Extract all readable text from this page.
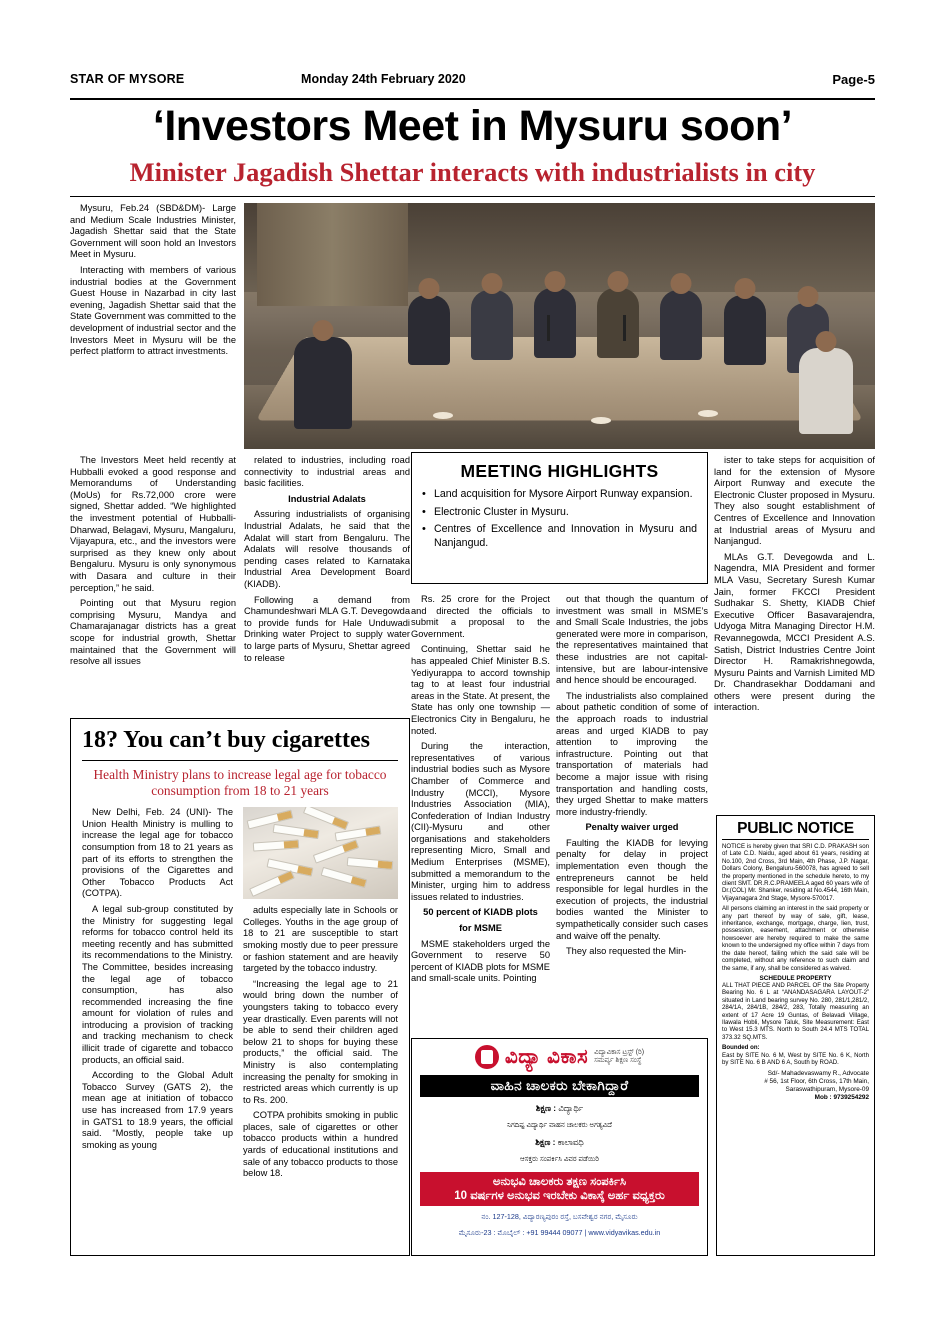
STAR OF MYSORE	Monday 24th February 2020	Page-5
‘Investors Meet in Mysuru soon’
Minister Jagadish Shettar interacts with industrialists in city

Mysuru, Feb.24 (SBD&DM)- Large and Medium Scale Industries Minister, Jagadish Shettar said that the State Government will soon hold an Investors Meet in Mysuru.

Interacting with members of various industrial bodies at the Government Guest House in Nazarbad in city last evening, Jagadish Shettar said that the State Government was committed to the development of industrial sector and the Investors Meet in Mysuru will be the perfect platform to attract investments.

The Investors Meet held recently at Hubballi evoked a good response and Memorandums of Understanding (MoUs) for Rs.72,000 crore were signed, Shettar added. “We highlighted the investment potential of Hubballi-Dharwad, Belagavi, Mysuru, Mangaluru, Vijayapura, etc., and the investors were surprised as they knew only about Bengaluru. Mysuru is only synonymous with Dasara and culture in their perception,” he said.

Pointing out that Mysuru region comprising Mysuru, Mandya and Chamarajanagar districts has a great scope for industrial growth, Shettar maintained that the Government will resolve all issues

related to industries, including road connectivity to industrial areas and basic facilities.

Industrial Adalats

Assuring industrialists of organising Industrial Adalats, he said that the Adalat will start from Bengaluru. The Adalats will resolve thousands of pending cases related to Karnataka Industrial Area Development Board (KIADB).

Following a demand from Chamundeshwari MLA G.T. Devegowda to provide funds for Hale Unduwadi Drinking water Project to supply water to large parts of Mysuru, Shettar agreed to release

MEETING HIGHLIGHTS
• Land acquisition for Mysore Airport Runway expansion.
• Electronic Cluster in Mysuru.
• Centres of Excellence and Innovation in Mysuru and Nanjangud.

Rs. 25 crore for the Project and directed the officials to submit a proposal to the Government.

Continuing, Shettar said he has appealed Chief Minister B.S. Yediyurappa to accord township tag to at least four industrial areas in the State. At present, the State has only one township — Electronics City in Bengaluru, he noted.

During the interaction, representatives of various industrial bodies such as Mysore Chamber of Commerce and Industry (MCCI), Mysore Industries Association (MIA), Confederation of Indian Industry (CII)-Mysuru and other organisations and stakeholders representing Micro, Small and Medium Enterprises (MSME), submitted a memorandum to the Minister, urging him to address issues related to industries.

50 percent of KIADB plots

for MSME

MSME stakeholders urged the Government to reserve 50 percent of KIADB plots for MSME and small-scale units. Pointing

out that though the quantum of investment was small in MSME’s and Small Scale Industries, the jobs generated were more in comparison, the representatives maintained that these industries are not capital-intensive, but are labour-intensive and hence should be encouraged.

The industrialists also complained about pathetic condition of some of the approach roads to industrial areas and urged KIADB to pay attention to improving the infrastructure. Pointing out that transportation of materials had become a major issue with rising transportation and handling costs, they urged Shettar to make matters more industry-friendly.

Penalty waiver urged

Faulting the KIADB for levying penalty for delay in project implementation even though the entrepreneurs cannot be held responsible for legal hurdles in the execution of projects, the industrial bodies wanted the Minister to sympathetically consider such cases and waive off the penalty.

They also requested the Min-

ister to take steps for acquisition of land for the extension of Mysore Airport Runway and execute the Electronic Cluster proposed in Mysuru. They also sought establishment of Centres of Excellence and Innovation at Industrial areas of Mysuru and Nanjangud.

MLAs G.T. Devegowda and L. Nagendra, MIA President and former MLA Vasu, Secretary Suresh Kumar Jain, former FKCCI President Sudhakar S. Shetty, KIADB Chief Executive Officer Basavarajendra, Udyoga Mitra Managing Director H.M. Revannegowda, MCCI President A.S. Satish, District Industries Centre Joint Director H. Ramakrishnegowda, Mysuru Paints and Varnish Limited MD Dr. Chandrasekhar Doddamani and others were present during the interaction.

18? You can’t buy cigarettes
Health Ministry plans to increase legal age for tobacco consumption from 18 to 21 years

New Delhi, Feb. 24 (UNI)- The Union Health Ministry is mulling to increase the legal age for tobacco consumption from 18 to 21 years as part of its efforts to strengthen the provisions of the Cigarettes and Other Tobacco Products Act (COTPA).

A legal sub-group constituted by the Ministry for suggesting legal reforms for tobacco control held its meeting recently and has submitted its recommendations to the Ministry. The Committee, besides increasing the legal age of tobacco consumption, has also recommended increasing the fine amount for violation of rules and introducing a provision of tracking and tracking mechanism to check illicit trade of cigarette and tobacco products, an official said.

According to the Global Adult Tobacco Survey (GATS 2), the mean age at initiation of tobacco use has increased from 17.9 years in GATS1 to 18.9 years, the official said. “Mostly, people take up smoking as young

adults especially late in Schools or Colleges. Youths in the age group of 18 to 21 are susceptible to start smoking mostly due to peer pressure or fashion statement and are heavily targeted by the tobacco industry.

“Increasing the legal age to 21 would bring down the number of youngsters taking to tobacco every year drastically. Even parents will not be able to send their children aged below 21 to shops for buying these products,” the official said. The Ministry is also contemplating increasing the penalty for smoking in restricted areas which currently is up to Rs. 200.

COTPA prohibits smoking in public places, sale of cigarettes or other tobacco products within a hundred yards of educational institutions and sale of any tobacco products to those below 18.

ವಿದ್ಯಾ ವಿಕಾಸ ವಿದ್ಯಾವಿಕಾಸ ಟ್ರಸ್ಟ್ (ರಿ)
ಸಮರ್ಪ್ಯ ಶಿಕ್ಷಣ ಸಂಸ್ಥೆ
ವಾಹಿನ ಚಾಲಕರು ಬೇಕಾಗಿದ್ದಾರೆ
ಶಿಕ್ಷಣ : ವಿದ್ಯಾರ್ಥಿ
ನಿಗದಿಷ್ಟ ವಿದ್ಯಾರ್ಥಿ ವಾಹನ ಚಾಲಕರು ಅಗತ್ಯವಿದೆ
ಶಿಕ್ಷಣ : ಕಾಲಾವಧಿ
ಆಸಕ್ತರು ಸಂಪರ್ಕಿಸಿ ವಿವರ ಪಡೆಯಿರಿ
ಅನುಭವಿ ಚಾಲಕರು ತಕ್ಷಣ ಸಂಪರ್ಕಿಸಿ
10 ವರ್ಷಗಳ ಅನುಭವ ಇರಬೇಕು ವಿಕಾಸ್ಕೆ ಅರ್ಹ ವಧ್ಯಕ್ತರು
ನಂ. 127-128, ವಿದ್ಯಾರಣ್ಯಪುರಂ ರಸ್ತೆ, ಬಸವೇಶ್ವರ ನಗರ, ಮೈಸೂರು
ಮೈಸೂರು-23 : ಮೊಬೈಲ್ : +91 99444 09077 | www.vidyavikas.edu.in
PUBLIC NOTICE
NOTICE is hereby given that SRI C.D. PRAKASH son of Late C.D. Naidu, aged about 61 years, residing at No.100, 2nd Cross, 3rd Main, 4th Phase, J.P. Nagar, Dollars Colony, Bengaluru-560078, has agreed to sell the property mentioned in the schedule hereto, to my client SMT. DR.R.C.PRAMEELA aged 60 years wife of Dr.(COL) Mr. Shanker, residing at No.4544, 16th Main, Vijayanagara 2nd Stage, Mysore-570017.
All persons claiming an interest in the said property or any part thereof by way of sale, gift, lease, inheritance, exchange, mortgage, charge, lien, trust, possession, easement, attachment or otherwise howsoever are hereby required to make the same known to the undersigned my office within 7 days from the date hereof, failing which the said sale will be completed, without any reference to such claim and the same, if any, shall be considered as waived.
SCHEDULE PROPERTY
ALL THAT PIECE AND PARCEL OF the Site Property Bearing No. 6 L at “ANANDASAGARA LAYOUT-2” situated in Land bearing survey No. 280, 281/1,281/2, 284/1A, 284/1B, 284/2, 283, Totally measuring an extent of 17 Acre 19 Guntas, of Belavadi Village, Ilawala Hobli, Mysore Taluk, Site Measurement: East to West 15.3 MTS. North to South 24.4 MTS TOTAL 373.32 SQ.MTS.
Bounded on:
East by SITE No. 6 M, West by SITE No. 6 K, North by SITE No. 6 B AND 6 A, South by ROAD.
Sd/- Mahadevaswamy R., Advocate
# 56, 1st Floor, 6th Cross, 17th Main, Saraswathipuram, Mysore-09
Mob : 9739254292
